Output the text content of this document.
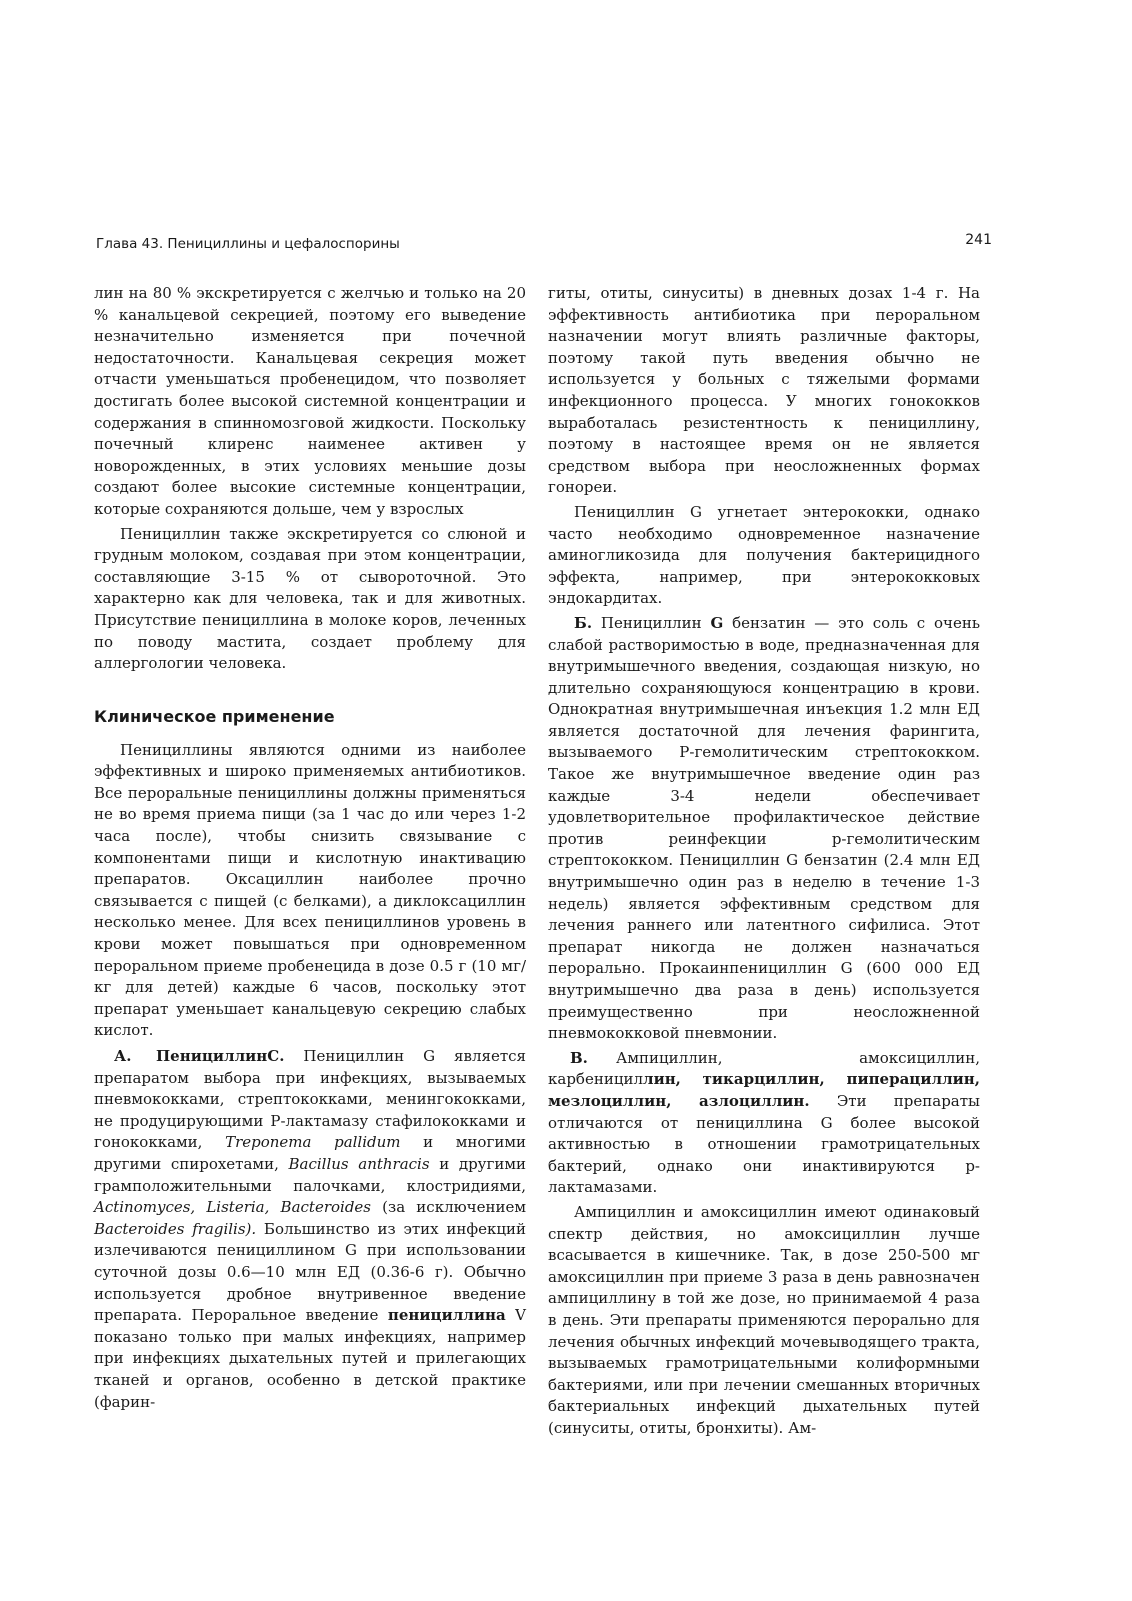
Глава 43. Пенициллины и цефалоспорины	241

лин на 80 % экскретируется с желчью и только на 20 % канальцевой секрецией, поэтому его выведение незначительно изменяется при почечной недостаточности. Канальцевая секреция может отчасти уменьшаться пробенецидом, что позволяет достигать более высокой системной концентрации и содержания в спинномозговой жидкости. Поскольку почечный клиренс наименее активен у новорожденных, в этих условиях меньшие дозы создают более высокие системные концентрации, которые сохраняются дольше, чем у взрослых

Пенициллин также экскретируется со слюной и грудным молоком, создавая при этом концентрации, составляющие 3-15 % от сывороточной. Это характерно как для человека, так и для животных. Присутствие пенициллина в молоке коров, леченных по поводу мастита, создает проблему для аллергологии человека.

Клиническое применение

Пенициллины являются одними из наиболее эффективных и широко применяемых антибиотиков. Все пероральные пенициллины должны применяться не во время приема пищи (за 1 час до или через 1-2 часа после), чтобы снизить связывание с компонентами пищи и кислотную инактивацию препаратов. Оксациллин наиболее прочно связывается с пищей (с белками), а диклоксациллин несколько менее. Для всех пенициллинов уровень в крови может повышаться при одновременном пероральном приеме пробенецида в дозе 0.5 г (10 мг/кг для детей) каждые 6 часов, поскольку этот препарат уменьшает канальцевую секрецию слабых кислот.

А. ПенициллинС. Пенициллин G является препаратом выбора при инфекциях, вызываемых пневмококками, стрептококками, менингококками, не продуцирующими Р-лактамазу стафилококками и гонококками, Treponema pallidum и многими другими спирохетами, Bacillus anthracis и другими грамположительными палочками, клостридиями, Actinomyces, Listeria, Bacteroides (за исключением Bacteroides fragilis). Большинство из этих инфекций излечиваются пенициллином G при использовании суточной дозы 0.6—10 млн ЕД (0.36-6 г). Обычно используется дробное внутривенное введение препарата. Пероральное введение пенициллина V показано только при малых инфекциях, например при инфекциях дыхательных путей и прилегающих тканей и органов, особенно в детской практике (фарин-

гиты, отиты, синуситы) в дневных дозах 1-4 г. На эффективность антибиотика при пероральном назначении могут влиять различные факторы, поэтому такой путь введения обычно не используется у больных с тяжелыми формами инфекционного процесса. У многих гонококков выработалась резистентность к пенициллину, поэтому в настоящее время он не является средством выбора при неосложненных формах гонореи.

Пенициллин G угнетает энтерококки, однако часто необходимо одновременное назначение аминогликозида для получения бактерицидного эффекта, например, при энтерококковых эндокардитах.

Б. Пенициллин G бензатин — это соль с очень слабой растворимостью в воде, предназначенная для внутримышечного введения, создающая низкую, но длительно сохраняющуюся концентрацию в крови. Однократная внутримышечная инъекция 1.2 млн ЕД является достаточной для лечения фарингита, вызываемого Р-гемолитическим стрептококком. Такое же внутримышечное введение один раз каждые 3-4 недели обеспечивает удовлетворительное профилактическое действие против реинфекции р-гемолитическим стрептококком. Пенициллин G бензатин (2.4 млн ЕД внутримышечно один раз в неделю в течение 1-3 недель) является эффективным средством для лечения раннего или латентного сифилиса. Этот препарат никогда не должен назначаться перорально. Прокаинпенициллин G (600 000 ЕД внутримышечно два раза в день) используется преимущественно при неосложненной пневмококковой пневмонии.

В. Ампициллин, амоксициллин, карбенициллин, тикарциллин, пиперациллин, мезлоциллин, азлоциллин. Эти препараты отличаются от пенициллина G более высокой активностью в отношении грамотрицательных бактерий, однако они инактивируются р-лактамазами.

Ампициллин и амоксициллин имеют одинаковый спектр действия, но амоксициллин лучше всасывается в кишечнике. Так, в дозе 250-500 мг амоксициллин при приеме 3 раза в день равнозначен ампициллину в той же дозе, но принимаемой 4 раза в день. Эти препараты применяются перорально для лечения обычных инфекций мочевыводящего тракта, вызываемых грамотрицательными колиформными бактериями, или при лечении смешанных вторичных бактериальных инфекций дыхательных путей (синуситы, отиты, бронхиты). Ам-
